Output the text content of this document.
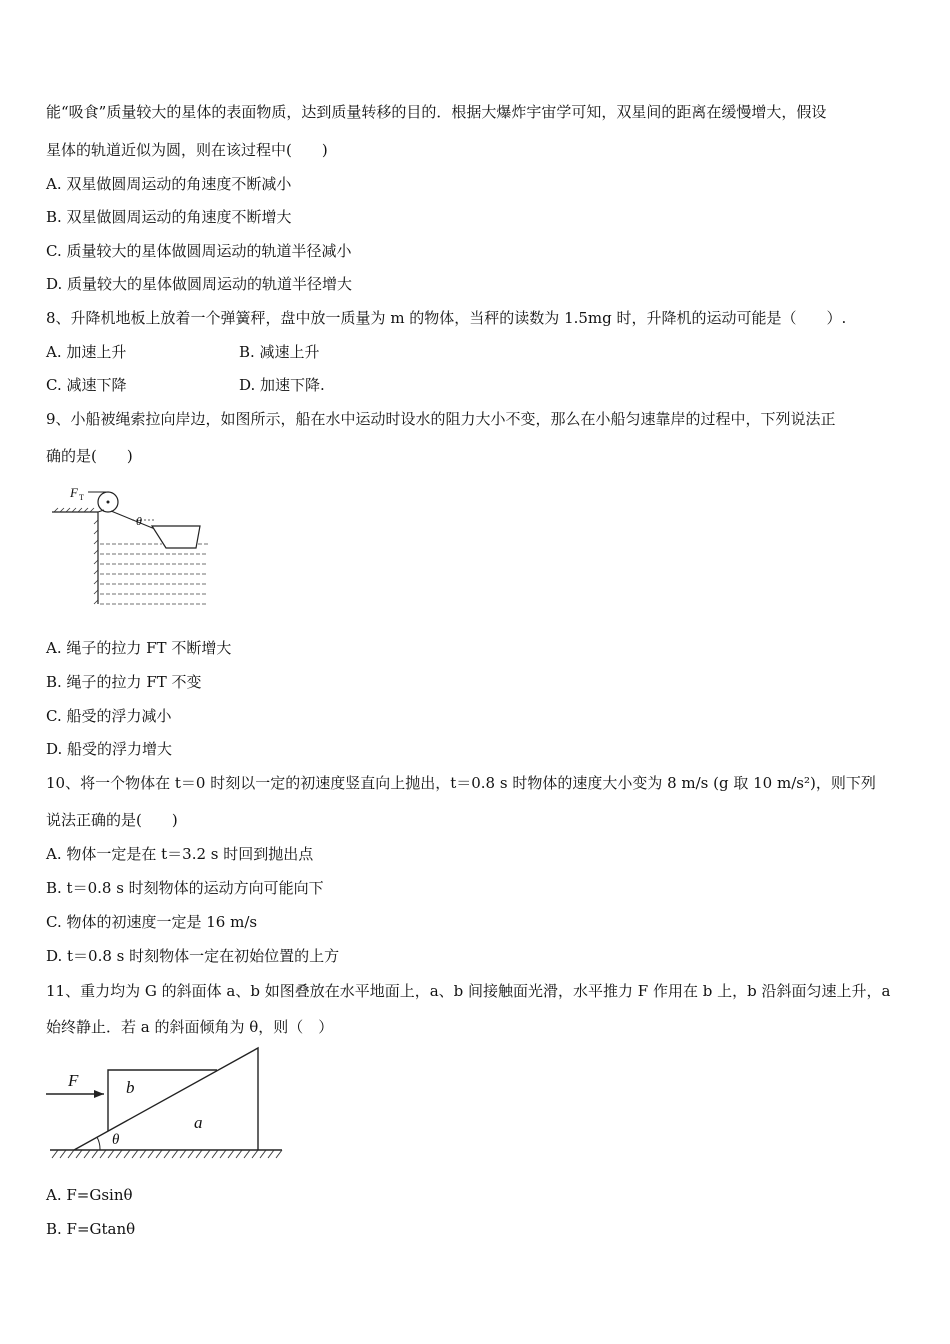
能“吸食”质量较大的星体的表面物质，达到质量转移的目的．根据大爆炸宇宙学可知，双星间的距离在缓慢增大，假设
星体的轨道近似为圆，则在该过程中(　　)
A. 双星做圆周运动的角速度不断减小
B. 双星做圆周运动的角速度不断增大
C. 质量较大的星体做圆周运动的轨道半径减小
D. 质量较大的星体做圆周运动的轨道半径增大
8、升降机地板上放着一个弹簧秤，盘中放一质量为 m 的物体，当秤的读数为 1.5mg 时，升降机的运动可能是（　　）.
A. 加速上升	B. 减速上升
C. 减速下降	D. 加速下降.
9、小船被绳索拉向岸边，如图所示，船在水中运动时设水的阻力大小不变，那么在小船匀速靠岸的过程中，下列说法正
确的是(　　)
F T
θ
A. 绳子的拉力 FT 不断增大
B. 绳子的拉力 FT 不变
C. 船受的浮力减小
D. 船受的浮力增大
10、将一个物体在 t＝0 时刻以一定的初速度竖直向上抛出，t＝0.8 s 时物体的速度大小变为 8 m/s (g 取 10 m/s²)，则下列
说法正确的是(　　)
A. 物体一定是在 t＝3.2 s 时回到抛出点
B. t＝0.8 s 时刻物体的运动方向可能向下
C. 物体的初速度一定是 16 m/s
D. t＝0.8 s 时刻物体一定在初始位置的上方
11、重力均为 G 的斜面体 a、b 如图叠放在水平地面上，a、b 间接触面光滑，水平推力 F 作用在 b 上，b 沿斜面匀速上升，a
始终静止．若 a 的斜面倾角为 θ，则（　）
F	b
a
θ
A. F=Gsinθ
B. F=Gtanθ
